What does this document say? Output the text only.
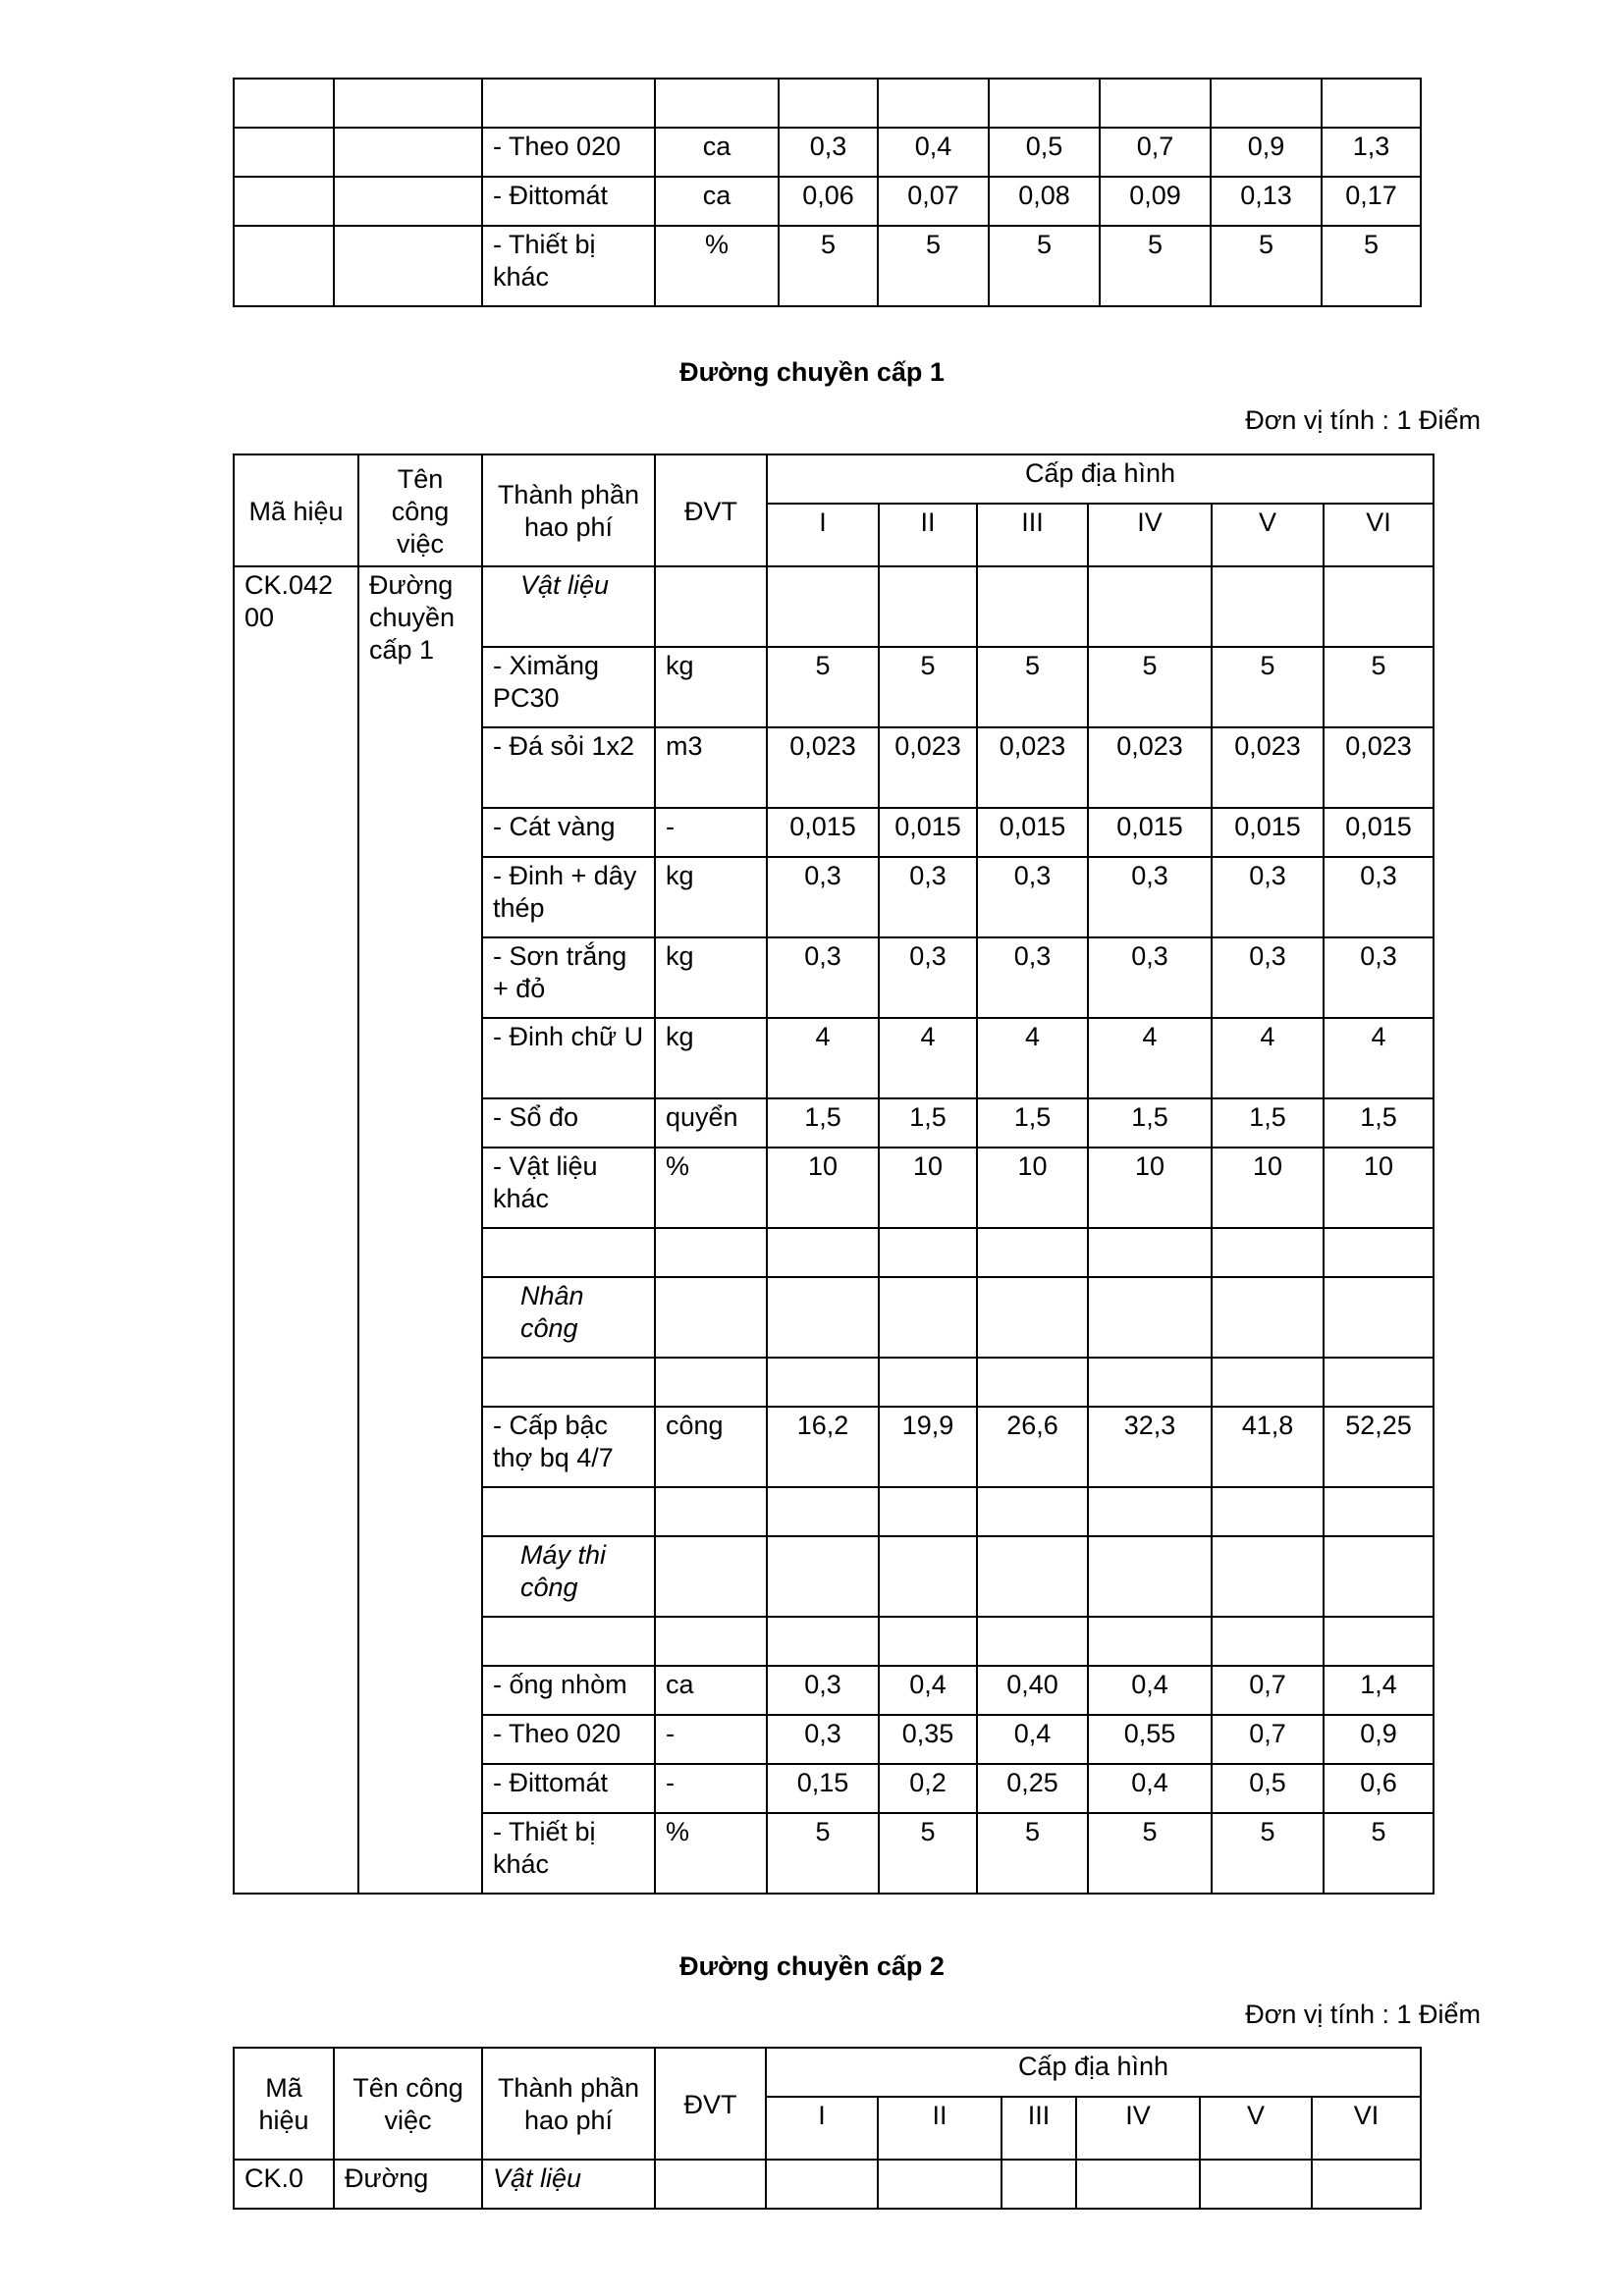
		- Theo 020	ca	0,3	0,4	0,5	0,7	0,9	1,3
		- Đittomát	ca	0,06	0,07	0,08	0,09	0,13	0,17
		- Thiết bị khác	%	5	5	5	5	5	5
Đường chuyền cấp 1
Đơn vị tính : 1 Điểm
Mã hiệu	Tên công việc	Thành phần hao phí	ĐVT	Cấp địa hình					
				I	II	III	IV	V	VI
CK.042 00	Đường chuyền cấp 1	Vật liệu							
		- Ximăng PC30	kg	5	5	5	5	5	5
		- Đá sỏi 1x2	m3	0,023	0,023	0,023	0,023	0,023	0,023
		- Cát vàng	-	0,015	0,015	0,015	0,015	0,015	0,015
		- Đinh + dây thép	kg	0,3	0,3	0,3	0,3	0,3	0,3
		- Sơn trắng + đỏ	kg	0,3	0,3	0,3	0,3	0,3	0,3
		- Đinh chữ U	kg	4	4	4	4	4	4
		- Sổ đo	quyển	1,5	1,5	1,5	1,5	1,5	1,5
		- Vật liệu khác	%	10	10	10	10	10	10

		Nhân công							

		- Cấp bậc thợ bq 4/7	công	16,2	19,9	26,6	32,3	41,8	52,25

		Máy thi công							

		- ống nhòm	ca	0,3	0,4	0,40	0,4	0,7	1,4
		- Theo 020	-	0,3	0,35	0,4	0,55	0,7	0,9
		- Đittomát	-	0,15	0,2	0,25	0,4	0,5	0,6
		- Thiết bị khác	%	5	5	5	5	5	5
Đường chuyền cấp 2
Đơn vị tính : 1 Điểm
Mã hiệu	Tên công việc	Thành phần hao phí	ĐVT	Cấp địa hình					
				I	II	III	IV	V	VI
CK.0	Đường	Vật liệu							
